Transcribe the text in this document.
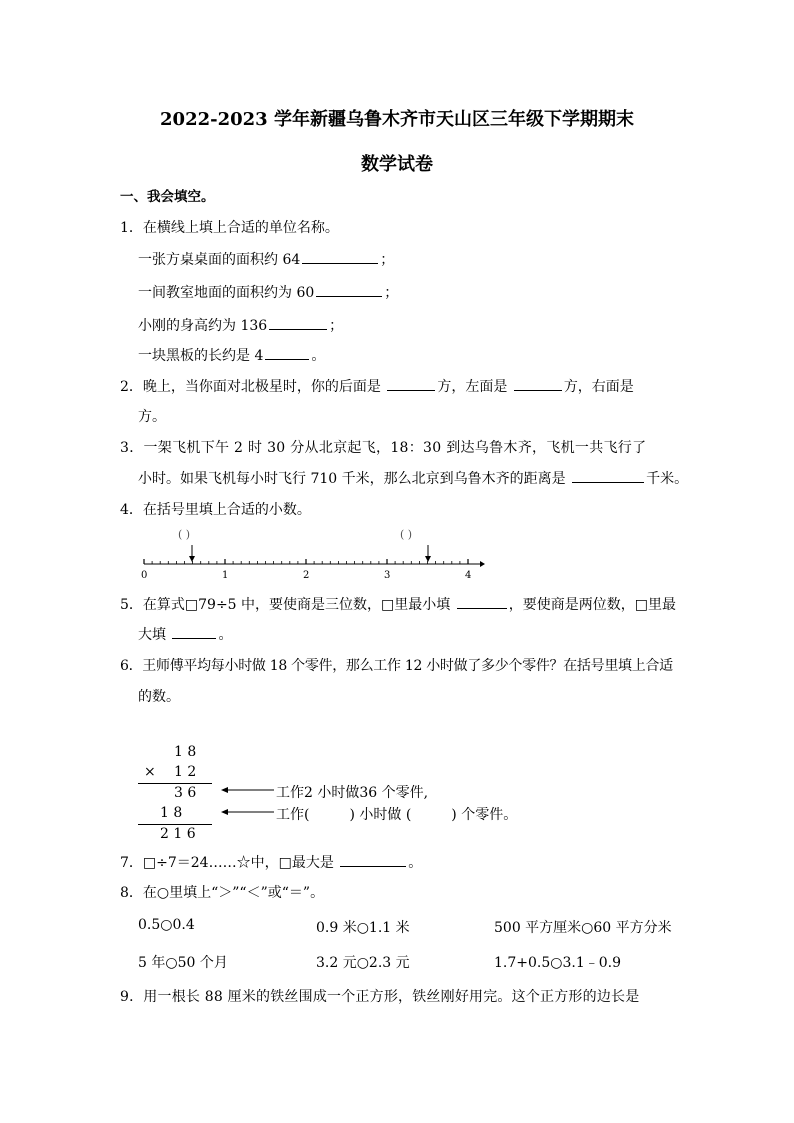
2022-2023 学年新疆乌鲁木齐市天山区三年级下学期期末
数学试卷
一、我会填空。
1．在横线上填上合适的单位名称。
一张方桌桌面的面积约 64	；
一间教室地面的面积约为 60	；
小刚的身高约为 136	；
一块黑板的长约是 4	。
2．晚上，当你面对北极星时，你的后面是	方，左面是	方，右面是
方。
3．一架飞机下午 2 时 30 分从北京起飞，18：30 到达乌鲁木齐，飞机一共飞行了
小时。如果飞机每小时飞行 710 千米，那么北京到乌鲁木齐的距离是	千米。
4．在括号里填上合适的小数。
( )	( )
0	1	2	3	4
5．在算式□79÷5 中，要使商是三位数，□里最小填	，要使商是两位数，□里最
大填	。
6．王师傅平均每小时做 18 个零件，那么工作 12 小时做了多少个零件？在括号里填上合适
的数。
1 8
× 1 2
3 6
1 8
2 1 6
工作2 小时做36 个零件,
工作(	) 小时做 (	) 个零件。
7．□÷7＝24……☆中，□最大是	。
8．在○里填上“＞”“＜”或“＝”。
0.5○0.4	0.9 米○1.1 米	500 平方厘米○60 平方分米
5 年○50 个月	3.2 元○2.3 元	1.7+0.5○3.1﹣0.9
9．用一根长 88 厘米的铁丝围成一个正方形，铁丝刚好用完。这个正方形的边长是
